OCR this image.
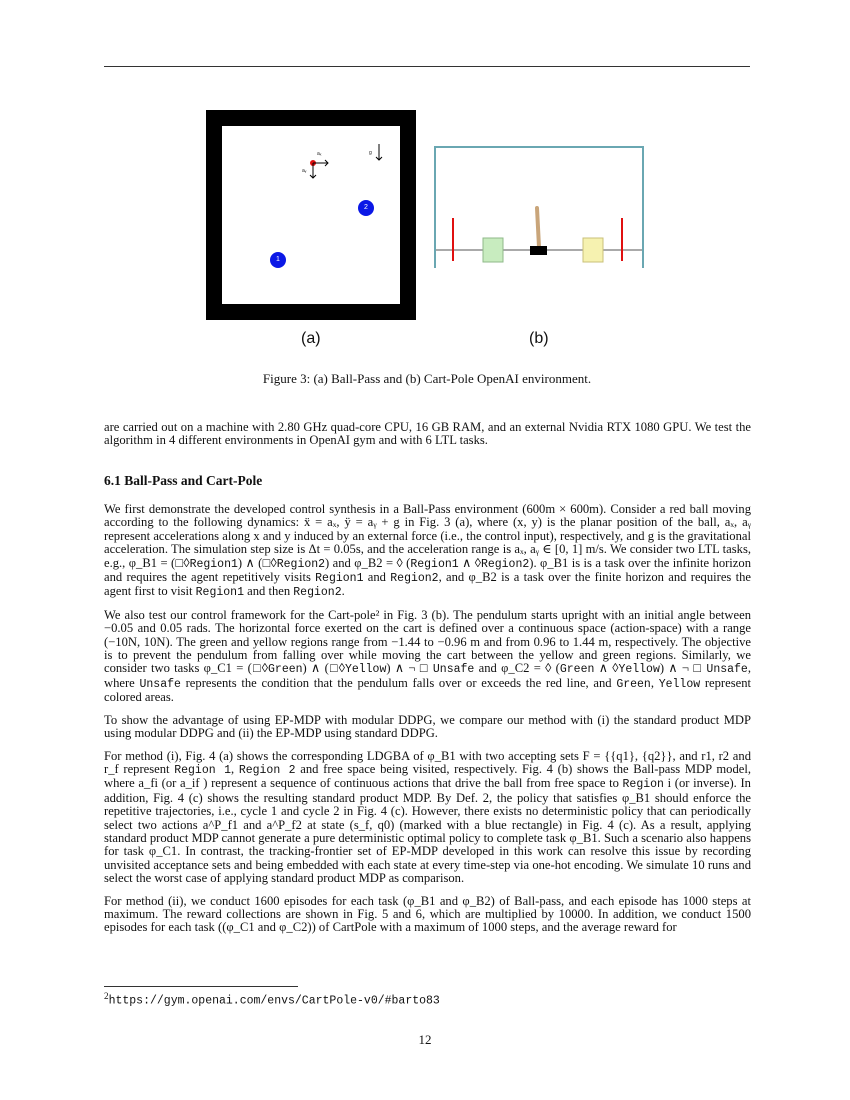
aₓ
aᵧ
g
2
1
(a)	(b)
Figure 3: (a) Ball-Pass and (b) Cart-Pole OpenAI environment.

are carried out on a machine with 2.80 GHz quad-core CPU, 16 GB RAM, and an external Nvidia RTX 1080 GPU. We test the algorithm in 4 different environments in OpenAI gym and with 6 LTL tasks.

6.1 Ball-Pass and Cart-Pole

We first demonstrate the developed control synthesis in a Ball-Pass environment (600m × 600m). Consider a red ball moving according to the following dynamics: ẍ = aₓ, ÿ = aᵧ + g in Fig. 3 (a), where (x, y) is the planar position of the ball, aₓ, aᵧ represent accelerations along x and y induced by an external force (i.e., the control input), respectively, and g is the gravitational acceleration. The simulation step size is Δt = 0.05s, and the acceleration range is aₓ, aᵧ ∈ [0, 1] m/s. We consider two LTL tasks, e.g., φ_B1 = (□◊Region1) ∧ (□◊Region2) and φ_B2 = ◊ (Region1 ∧ ◊Region2). φ_B1 is is a task over the infinite horizon and requires the agent repetitively visits Region1 and Region2, and φ_B2 is a task over the finite horizon and requires the agent first to visit Region1 and then Region2.

We also test our control framework for the Cart-pole² in Fig. 3 (b). The pendulum starts upright with an initial angle between −0.05 and 0.05 rads. The horizontal force exerted on the cart is defined over a continuous space (action-space) with a range (−10N, 10N). The green and yellow regions range from −1.44 to −0.96 m and from 0.96 to 1.44 m, respectively. The objective is to prevent the pendulum from falling over while moving the cart between the yellow and green regions. Similarly, we consider two tasks φ_C1 = (□◊Green) ∧ (□◊Yellow) ∧ ¬ □ Unsafe and φ_C2 = ◊ (Green ∧ ◊Yellow) ∧ ¬ □ Unsafe, where Unsafe represents the condition that the pendulum falls over or exceeds the red line, and Green, Yellow represent colored areas.

To show the advantage of using EP-MDP with modular DDPG, we compare our method with (i) the standard product MDP using modular DDPG and (ii) the EP-MDP using standard DDPG.

For method (i), Fig. 4 (a) shows the corresponding LDGBA of φ_B1 with two accepting sets F = {{q1}, {q2}}, and r1, r2 and r_f represent Region 1, Region 2 and free space being visited, respectively. Fig. 4 (b) shows the Ball-pass MDP model, where a_fi (or a_if ) represent a sequence of continuous actions that drive the ball from free space to Region i (or inverse). In addition, Fig. 4 (c) shows the resulting standard product MDP. By Def. 2, the policy that satisfies φ_B1 should enforce the repetitive trajectories, i.e., cycle 1 and cycle 2 in Fig. 4 (c). However, there exists no deterministic policy that can periodically select two actions a^P_f1 and a^P_f2 at state (s_f, q0) (marked with a blue rectangle) in Fig. 4 (c). As a result, applying standard product MDP cannot generate a pure deterministic optimal policy to complete task φ_B1. Such a scenario also happens for task φ_C1. In contrast, the tracking-frontier set of EP-MDP developed in this work can resolve this issue by recording unvisited acceptance sets and being embedded with each state at every time-step via one-hot encoding. We simulate 10 runs and select the worst case of applying standard product MDP as comparison.

For method (ii), we conduct 1600 episodes for each task (φ_B1 and φ_B2) of Ball-pass, and each episode has 1000 steps at maximum. The reward collections are shown in Fig. 5 and 6, which are multiplied by 10000. In addition, we conduct 1500 episodes for each task ((φ_C1 and φ_C2)) of CartPole with a maximum of 1000 steps, and the average reward for

$^2$https://gym.openai.com/envs/CartPole-v0/#barto83
12
